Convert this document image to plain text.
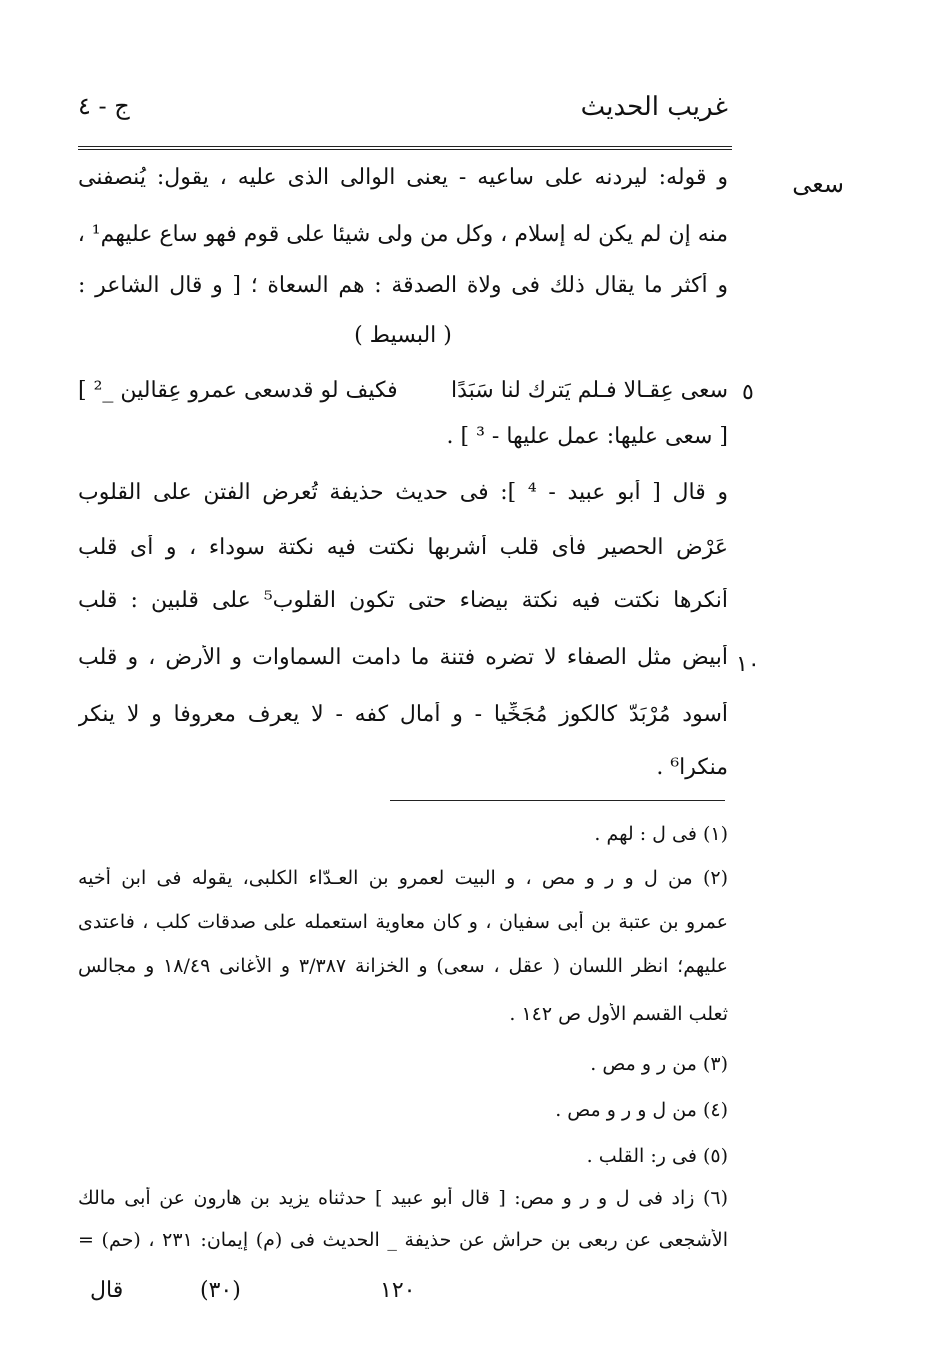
غريب الحديث
ج - ٤
سعى
٥
١٠
و قوله: ليردنه على ساعيه - يعنى الوالى الذى عليه ، يقول: يُنصفنى
منه إن لم يكن له إسلام ، وكل من ولى شيئا على قوم فهو ساع عليهم¹ ،
و أكثر ما يقال ذلك فى ولاة الصدقة : هم السعاة ؛ [ و قال الشاعر :
( البسيط )
سعى عِقـالا فـلم يَترك لنا سَبَدًا
فكيف لو قدسعى عمرو عِقالين _² ]
[ سعى عليها: عمل عليها - ³ ] .
و قال [ أبو عبيد - ⁴ ]: فى حديث حذيفة تُعرض الفتن على القلوب
عَرْض الحصير فأى قلب أشربها نكتت فيه نكتة سوداء ، و أى قلب
أنكرها نكتت فيه نكتة بيضاء حتى تكون القلوب⁵ على قلبين : قلب
أبيض مثل الصفاء لا تضره فتنة ما دامت السماوات و الأرض ، و قلب
أسود مُرْبَدّ كالكوز مُجَخِّيا - و أمال كفه - لا يعرف معروفا و لا ينكر
منكرا⁶ .
(١) فى ل : لهم .
(٢) من ل و ر و مص ، و البيت لعمرو بن العـدّاء الكلبى، يقوله فى ابن أخيه
عمرو بن عتبة بن أبى سفيان ، و كان معاوية استعمله على صدقات كلب ، فاعتدى
عليهم؛ انظر اللسان ( عقل ، سعى) و الخزانة ٣/٣٨٧ و الأغانى ١٨/٤٩ و مجالس
ثعلب القسم الأول ص ١٤٢ .
(٣) من ر و مص .
(٤) من ل و ر و مص .
(٥) فى ر: القلب .
(٦) زاد فى ل و ر و مص: [ قال أبو عبيد ] حدثناه يزيد بن هارون عن أبى مالك
الأشجعى عن ربعى بن حراش عن حذيفة _ الحديث فى (م) إيمان: ٢٣١ ، (حم) =
قال	(٣٠)	١٢٠
